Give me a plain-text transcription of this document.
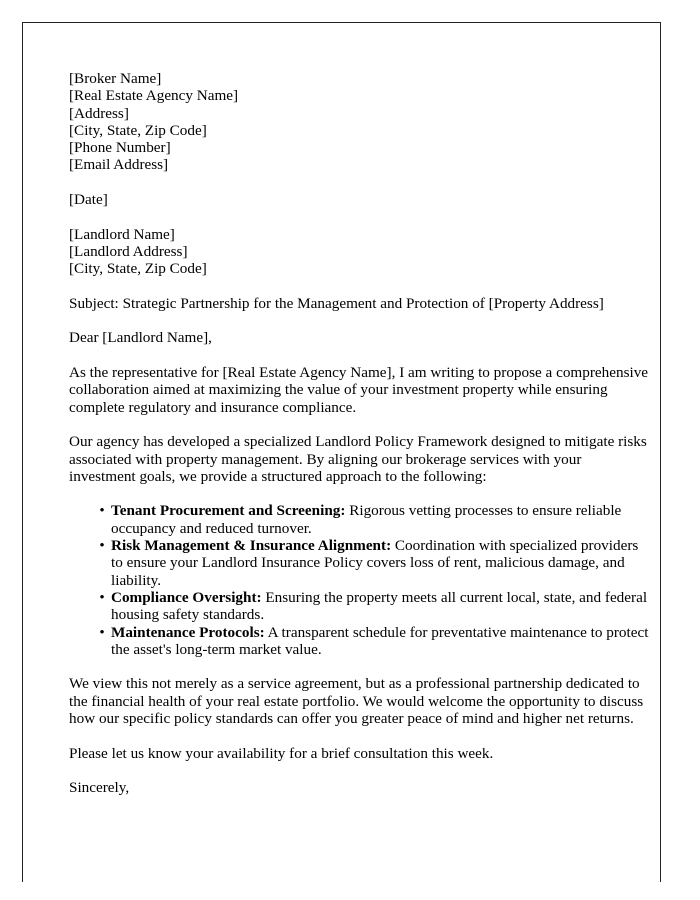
[Broker Name]
[Real Estate Agency Name]
[Address]
[City, State, Zip Code]
[Phone Number]
[Email Address]
[Date]
[Landlord Name]
[Landlord Address]
[City, State, Zip Code]

Subject: Strategic Partnership for the Management and Protection of [Property Address]

Dear [Landlord Name],

As the representative for [Real Estate Agency Name], I am writing to propose a comprehensive collaboration aimed at maximizing the value of your investment property while ensuring complete regulatory and insurance compliance.

Our agency has developed a specialized Landlord Policy Framework designed to mitigate risks associated with property management. By aligning our brokerage services with your investment goals, we provide a structured approach to the following:

• Tenant Procurement and Screening: Rigorous vetting processes to ensure reliable occupancy and reduced turnover.
• Risk Management & Insurance Alignment: Coordination with specialized providers to ensure your Landlord Insurance Policy covers loss of rent, malicious damage, and liability.
• Compliance Oversight: Ensuring the property meets all current local, state, and federal housing safety standards.
• Maintenance Protocols: A transparent schedule for preventative maintenance to protect the asset's long-term market value.

We view this not merely as a service agreement, but as a professional partnership dedicated to the financial health of your real estate portfolio. We would welcome the opportunity to discuss how our specific policy standards can offer you greater peace of mind and higher net returns.

Please let us know your availability for a brief consultation this week.

Sincerely,
